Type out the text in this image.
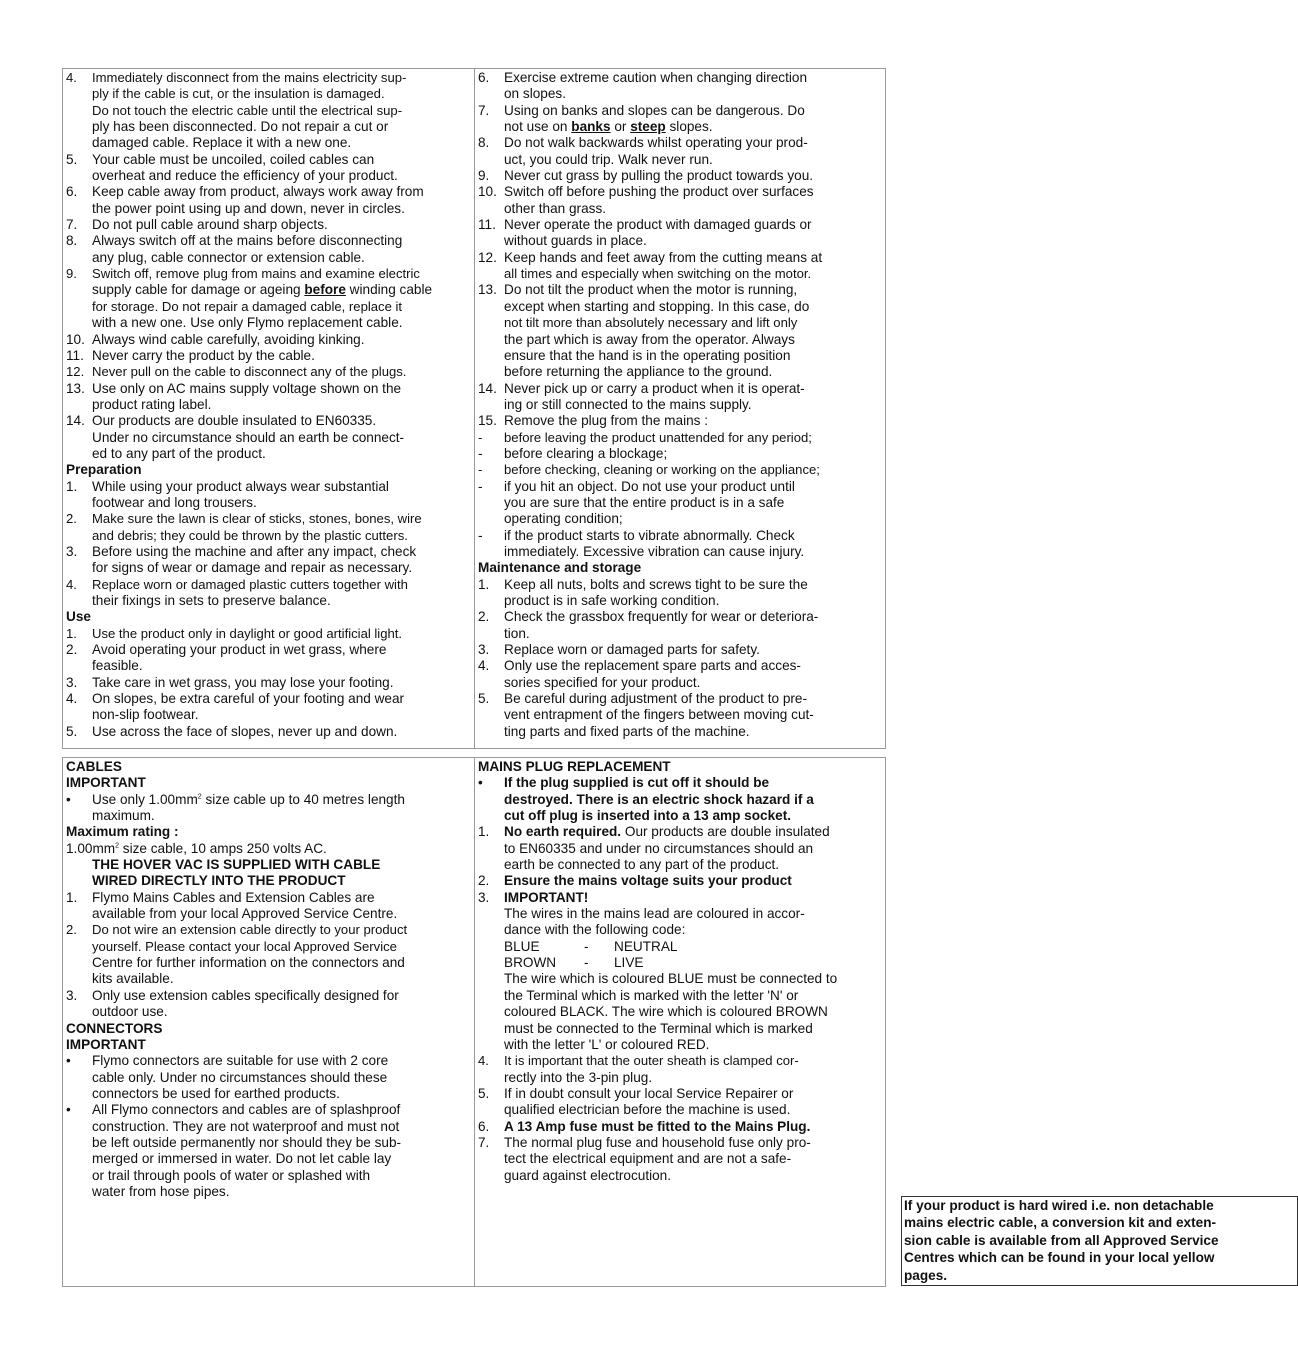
4. Immediately disconnect from the mains electricity sup-
ply if the cable is cut, or the insulation is damaged.
Do not touch the electric cable until the electrical sup-
ply has been disconnected. Do not repair a cut or
damaged cable. Replace it with a new one.
5. Your cable must be uncoiled, coiled cables can
overheat and reduce the efficiency of your product.
6. Keep cable away from product, always work away from
the power point using up and down, never in circles.
7. Do not pull cable around sharp objects.
8. Always switch off at the mains before disconnecting
any plug, cable connector or extension cable.
9. Switch off, remove plug from mains and examine electric
supply cable for damage or ageing before winding cable
for storage. Do not repair a damaged cable, replace it
with a new one. Use only Flymo replacement cable.
10. Always wind cable carefully, avoiding kinking.
11. Never carry the product by the cable.
12. Never pull on the cable to disconnect any of the plugs.
13. Use only on AC mains supply voltage shown on the
product rating label.
14. Our products are double insulated to EN60335.
Under no circumstance should an earth be connect-
ed to any part of the product.
Preparation
1. While using your product always wear substantial
footwear and long trousers.
2. Make sure the lawn is clear of sticks, stones, bones, wire
and debris; they could be thrown by the plastic cutters.
3. Before using the machine and after any impact, check
for signs of wear or damage and repair as necessary.
4. Replace worn or damaged plastic cutters together with
their fixings in sets to preserve balance.
Use
1. Use the product only in daylight or good artificial light.
2. Avoid operating your product in wet grass, where
feasible.
3. Take care in wet grass, you may lose your footing.
4. On slopes, be extra careful of your footing and wear
non-slip footwear.
5. Use across the face of slopes, never up and down.
6. Exercise extreme caution when changing direction
on slopes.
7. Using on banks and slopes can be dangerous. Do
not use on banks or steep slopes.
8. Do not walk backwards whilst operating your prod-
uct, you could trip. Walk never run.
9. Never cut grass by pulling the product towards you.
10. Switch off before pushing the product over surfaces
other than grass.
11. Never operate the product with damaged guards or
without guards in place.
12. Keep hands and feet away from the cutting means at
all times and especially when switching on the motor.
13. Do not tilt the product when the motor is running,
except when starting and stopping. In this case, do
not tilt more than absolutely necessary and lift only
the part which is away from the operator. Always
ensure that the hand is in the operating position
before returning the appliance to the ground.
14. Never pick up or carry a product when it is operat-
ing or still connected to the mains supply.
15. Remove the plug from the mains :
- before leaving the product unattended for any period;
- before clearing a blockage;
- before checking, cleaning or working on the appliance;
- if you hit an object. Do not use your product until
you are sure that the entire product is in a safe
operating condition;
- if the product starts to vibrate abnormally. Check
immediately. Excessive vibration can cause injury.
Maintenance and storage
1. Keep all nuts, bolts and screws tight to be sure the
product is in safe working condition.
2. Check the grassbox frequently for wear or deteriora-
tion.
3. Replace worn or damaged parts for safety.
4. Only use the replacement spare parts and acces-
sories specified for your product.
5. Be careful during adjustment of the product to pre-
vent entrapment of the fingers between moving cut-
ting parts and fixed parts of the machine.
CABLES
IMPORTANT
• Use only $1.00mm^2$ size cable up to 40 metres length
maximum.
Maximum rating :
$1.00mm^2$ size cable, 10 amps 250 volts AC.
THE HOVER VAC IS SUPPLIED WITH CABLE
WIRED DIRECTLY INTO THE PRODUCT
1. Flymo Mains Cables and Extension Cables are
available from your local Approved Service Centre.
2. Do not wire an extension cable directly to your product
yourself. Please contact your local Approved Service
Centre for further information on the connectors and
kits available.
3. Only use extension cables specifically designed for
outdoor use.
CONNECTORS
IMPORTANT
• Flymo connectors are suitable for use with 2 core
cable only. Under no circumstances should these
connectors be used for earthed products.
• All Flymo connectors and cables are of splashproof
construction. They are not waterproof and must not
be left outside permanently nor should they be sub-
merged or immersed in water. Do not let cable lay
or trail through pools of water or splashed with
water from hose pipes.
MAINS PLUG REPLACEMENT
• If the plug supplied is cut off it should be
destroyed. There is an electric shock hazard if a
cut off plug is inserted into a 13 amp socket.
1. No earth required. Our products are double insulated
to EN60335 and under no circumstances should an
earth be connected to any part of the product.
2. Ensure the mains voltage suits your product
3. IMPORTANT!
The wires in the mains lead are coloured in accor-
dance with the following code:
BLUE	- NEUTRAL
BROWN - LIVE
The wire which is coloured BLUE must be connected to
the Terminal which is marked with the letter 'N' or
coloured BLACK. The wire which is coloured BROWN
must be connected to the Terminal which is marked
with the letter 'L' or coloured RED.
4. It is important that the outer sheath is clamped cor-
rectly into the 3-pin plug.
5. If in doubt consult your local Service Repairer or
qualified electrician before the machine is used.
6. A 13 Amp fuse must be fitted to the Mains Plug.
7. The normal plug fuse and household fuse only pro-
tect the electrical equipment and are not a safe-
guard against electrocution.
If your product is hard wired i.e. non detachable
mains electric cable, a conversion kit and exten-
sion cable is available from all Approved Service
Centres which can be found in your local yellow
pages.
